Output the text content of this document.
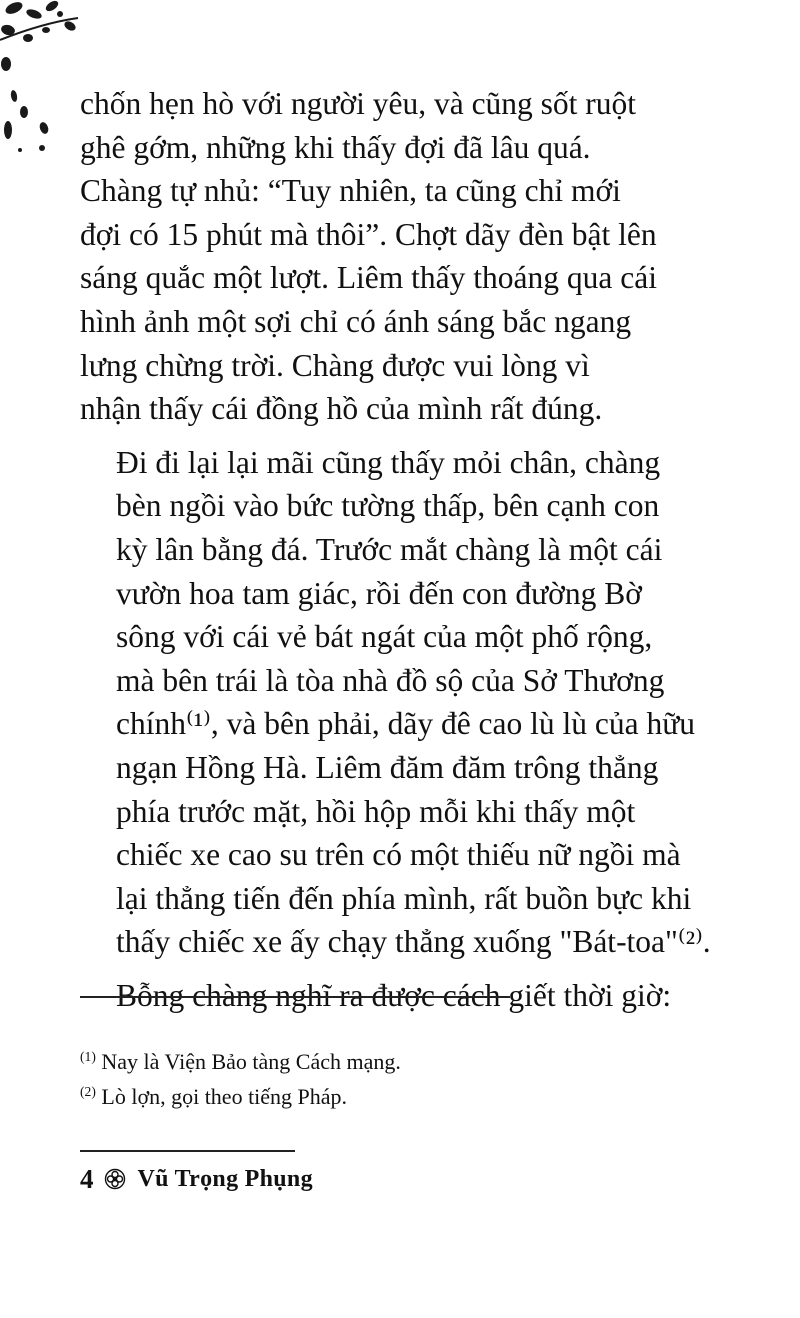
chốn hẹn hò với người yêu, và cũng sốt ruột
ghê gớm, những khi thấy đợi đã lâu quá.
Chàng tự nhủ: “Tuy nhiên, ta cũng chỉ mới
đợi có 15 phút mà thôi”. Chợt dãy đèn bật lên
sáng quắc một lượt. Liêm thấy thoáng qua cái
hình ảnh một sợi chỉ có ánh sáng bắc ngang
lưng chừng trời. Chàng được vui lòng vì
nhận thấy cái đồng hồ của mình rất đúng.

Đi đi lại lại mãi cũng thấy mỏi chân, chàng
bèn ngồi vào bức tường thấp, bên cạnh con
kỳ lân bằng đá. Trước mắt chàng là một cái
vườn hoa tam giác, rồi đến con đường Bờ
sông với cái vẻ bát ngát của một phố rộng,
mà bên trái là tòa nhà đồ sộ của Sở Thương
chính⁽¹⁾, và bên phải, dãy đê cao lù lù của hữu
ngạn Hồng Hà. Liêm đăm đăm trông thẳng
phía trước mặt, hồi hộp mỗi khi thấy một
chiếc xe cao su trên có một thiếu nữ ngồi mà
lại thẳng tiến đến phía mình, rất buồn bực khi
thấy chiếc xe ấy chạy thẳng xuống "Bát-toa"⁽²⁾.

Bỗng chàng nghĩ ra được cách giết thời giờ:

$^{(1)}$ Nay là Viện Bảo tàng Cách mạng.
$^{(2)}$ Lò lợn, gọi theo tiếng Pháp.
4 Vũ Trọng Phụng
